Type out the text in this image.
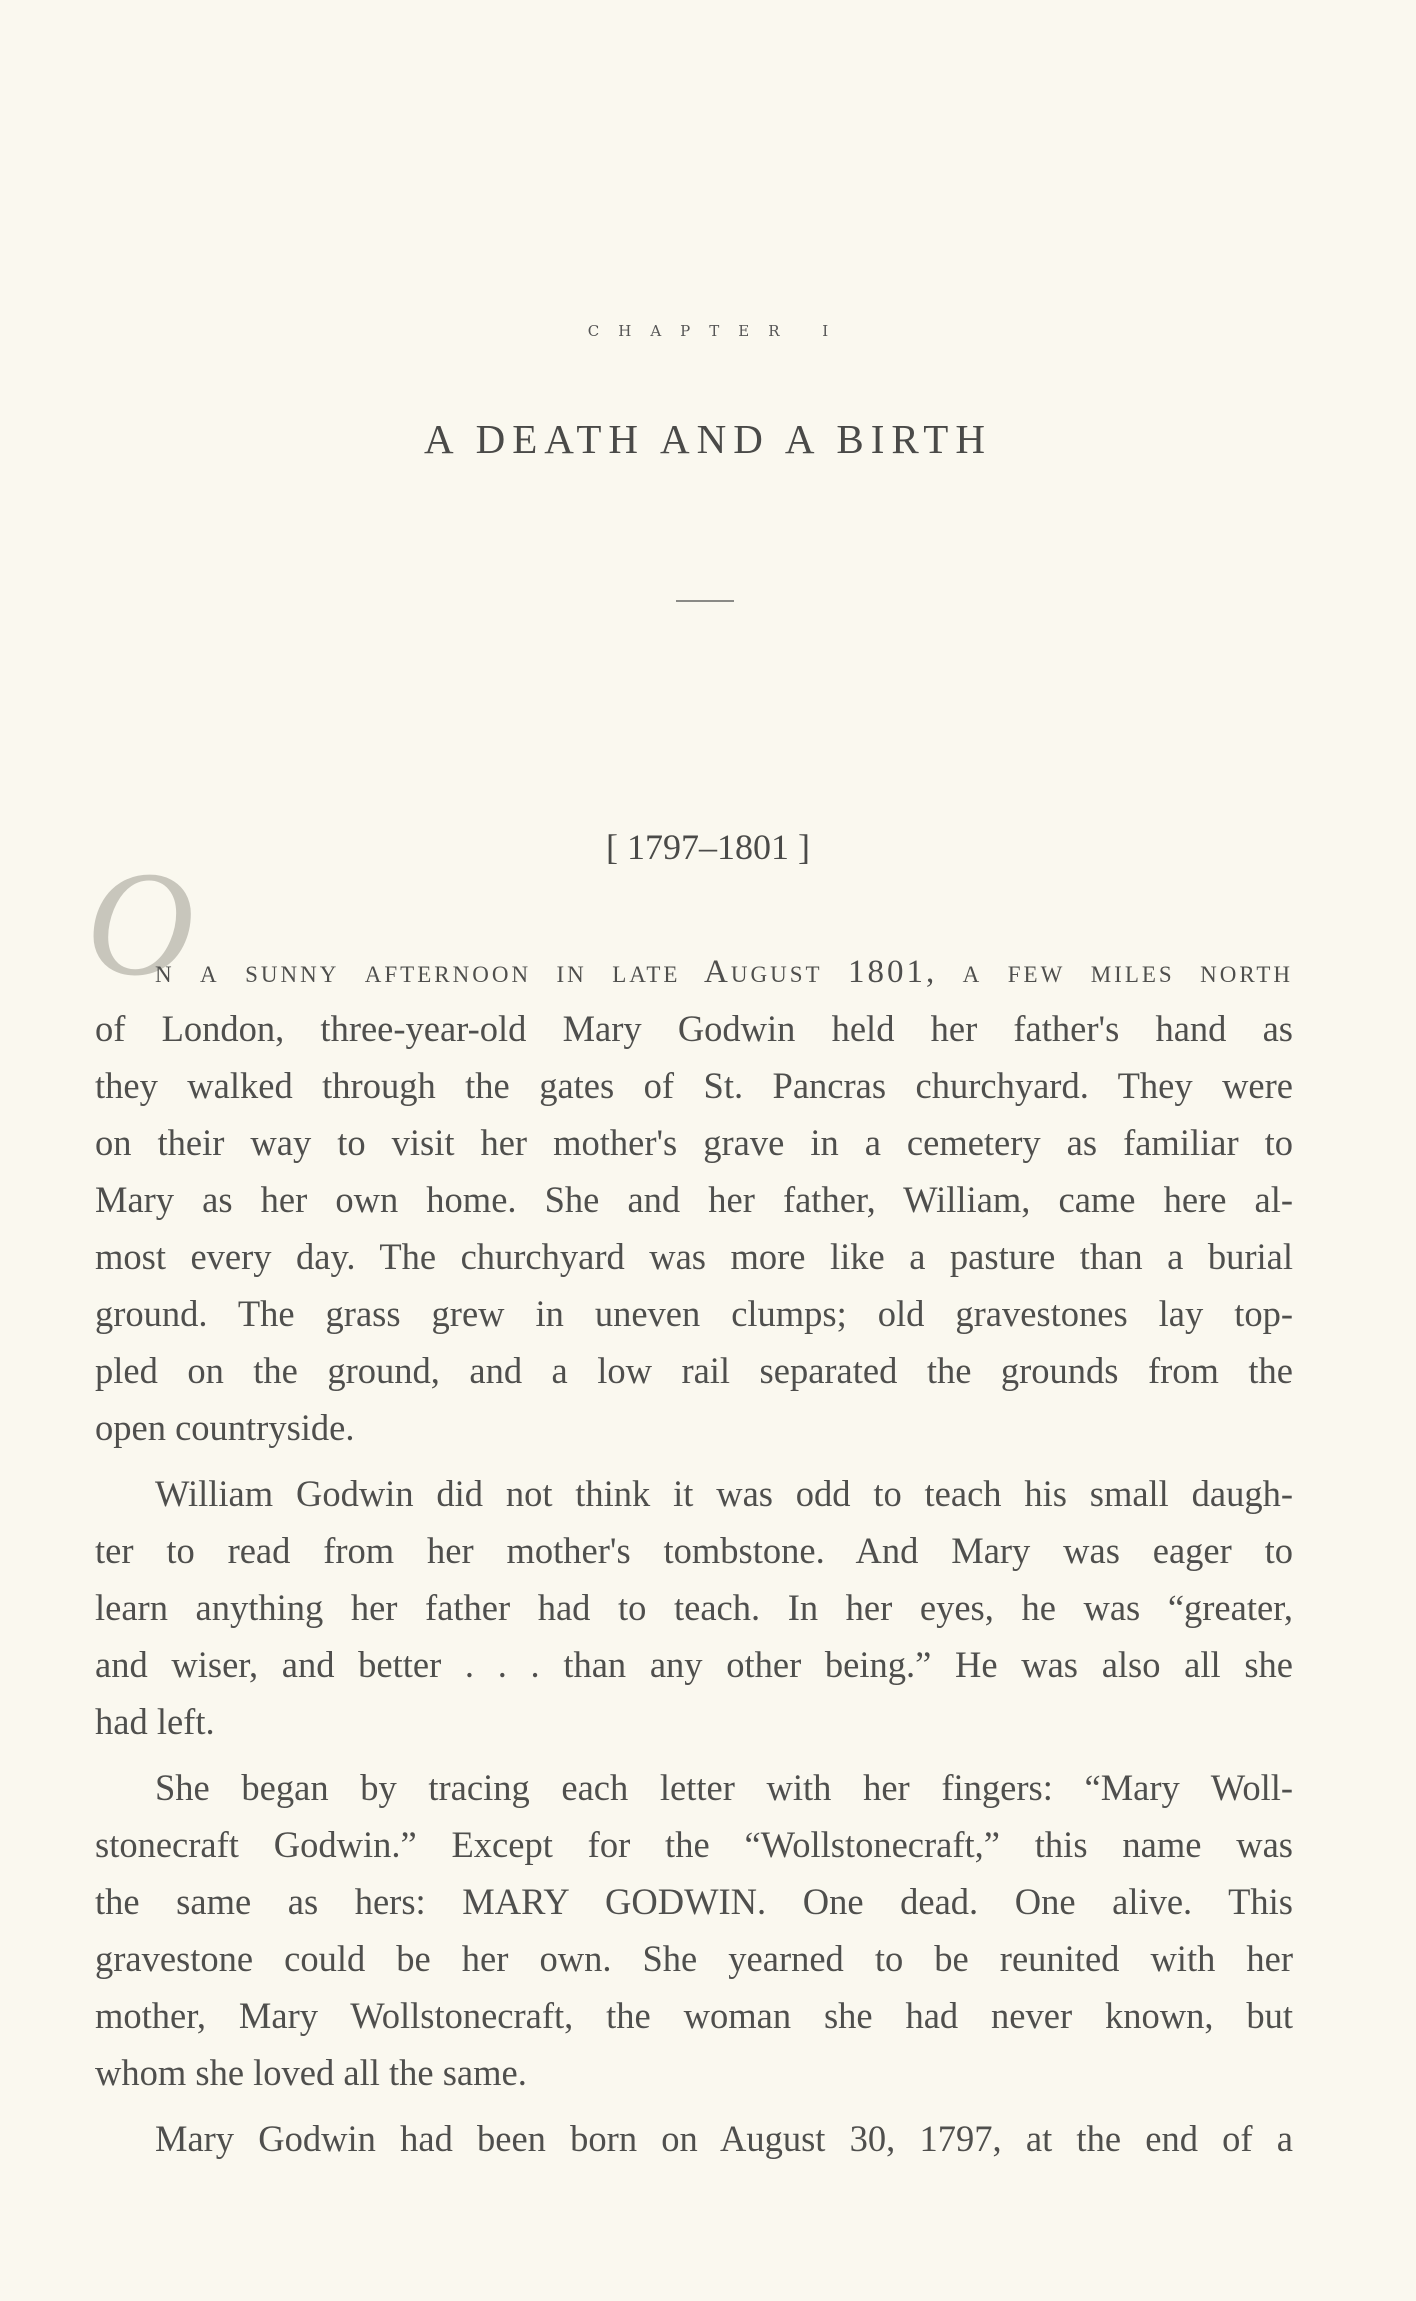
CHAPTER I
A DEATH AND A BIRTH
[ 1797–1801 ]
O
n a sunny afternoon in late August 1801, a few miles north
of London, three-year-old Mary Godwin held her father's hand as
they walked through the gates of St. Pancras churchyard. They were
on their way to visit her mother's grave in a cemetery as familiar to
Mary as her own home. She and her father, William, came here al-
most every day. The churchyard was more like a pasture than a burial
ground. The grass grew in uneven clumps; old gravestones lay top-
pled on the ground, and a low rail separated the grounds from the
open countryside.
William Godwin did not think it was odd to teach his small daugh-
ter to read from her mother's tombstone. And Mary was eager to
learn anything her father had to teach. In her eyes, he was “greater,
and wiser, and better . . . than any other being.” He was also all she
had left.
She began by tracing each letter with her fingers: “Mary Woll-
stonecraft Godwin.” Except for the “Wollstonecraft,” this name was
the same as hers: MARY GODWIN. One dead. One alive. This
gravestone could be her own. She yearned to be reunited with her
mother, Mary Wollstonecraft, the woman she had never known, but
whom she loved all the same.
Mary Godwin had been born on August 30, 1797, at the end of a
